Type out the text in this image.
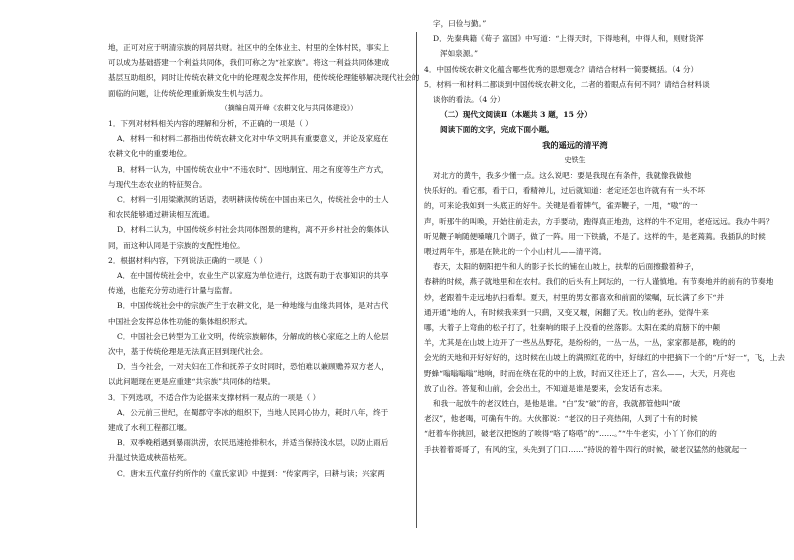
地，正可对应于明清宗族的同居共财。社区中的全体业主、村里的全体村民，事实上

可以成为基础搭建一个利益共同体，我们可称之为“社家族”。将这一利益共同体建成

基层互助组织，同时让传统农耕文化中的伦理观念发挥作用，使传统伦理能够解决现代社会的

面临的问题，让传统伦理重新焕发生机与活力。

（摘编自周开峰《农耕文化与共同体建设》）

1．下列对材料相关内容的理解和分析，不正确的一项是（ ）

A．材料一和材料二都指出传统农耕文化对中华文明具有重要意义，并论及家庭在

农耕文化中的重要地位。

B．材料一认为，中国传统农业中“不违农时”、因地制宜、用之有度等生产方式，

与现代生态农业的特征契合。

C．材料一引用梁漱溟的话语，表明耕读传统在中国由来已久，传统社会中的士人

和农民能够通过耕读相互流通。

D．材料二认为，中国传统乡村社会共同体图景的建构，离不开乡村社会的集体认

同，而这种认同是于宗族的支配性地位。

2．根据材料内容，下列说法正确的一项是（ ）

A．在中国传统社会中，农业生产以家庭为单位进行，这既有助于农事知识的共享

传递，也能充分劳动进行计量与监督。

B．中国传统社会中的宗族产生于农耕文化，是一种地缘与血缘共同体，是对古代

中国社会发挥总体性功能的集体组织形式。

C．中国社会已转型为工业文明，传统宗族解体，分解成的核心家庭之上的人伦层

次中，基于传统伦理是无法真正回到现代社会。

D．当今社会，一对夫妇在工作和抚养子女时同时，恐怕难以兼顾赡养双方老人，

以此问题现在更是应重建“共宗族”共同体的结果。

3．下列选项，不适合作为论据来支撑材料一观点的一项是（ ）

A．公元前三世纪，在蜀郡守李冰的组织下，当地人民同心协力，耗时八年，终于

建成了水利工程都江堰。

B．双季晚稻遇到暴雨洪涝，农民迅速抢排积水，并适当保持浅水层，以防止雨后

升温过快造成秧苗枯死。

C．唐末五代童仔约所作的《童氏家训》中提到：“传家两字，曰耕与读；兴家两

字，曰俭与勤。”

D．先秦典籍《荀子 富国》中写道：“上得天时，下得地利，中得人和，则财货浑

浑如泉源。”

4．中国传统农耕文化蕴含哪些优秀的思想观念？请结合材料一简要概括。（4 分）

5．材料一和材料二都谈到中国传统农耕文化，二者的着眼点有何不同？请结合材料谈

谈你的看法。（4 分）

（二）现代文阅读Ⅱ（本题共 3 题，15 分）

阅读下面的文字，完成下面小题。

我的遥远的清平湾

史铁生

对北方的黄牛，我多少懂一点。这么说吧：要是我现在有条件，我就像我做他

快乐好的。看它那，看于口，看精神儿，过后就知道：老定还怎也许就有有一头不坏

的，可来论我如到一头底正的好牛。关键是看着牌气，雀弄鞭子，一甩，“嗷”的一

声，听那牛的叫唤，开始往前走去，方手要动，跑得真正地劲，这样的牛不定用，老疮远远。我办牛吗？

听见鞭子响随便嗓嚷几个调子，做了一阵。用一下铁撬，不是了。这样的牛，是老蔫蔫。我插队的时候

喂过两年牛，那是在陕北的一个小山村儿——清平湾。

春天，太阳的朝阳把牛和人的影子长长的铺在山坡上，扶犁的后面擦撒着种子，

春耕的时候，燕子就地里和在农村。我们的后头有上阿坛的，一行人谨慎地。有节奏地并的前有的节奏地

炒，老跟着牛走远地扒扫看犁。夏天，村里的男女都喜欢和前面的梁嘱，玩长满了乡下“并

通开通”地的人，有时候我来到一只鹞，又变又堰，闲翻了天。牧山的老孙，觉得牛来

哪，大着子上弯曲的松子打了，牡秦响的眼子上没看的丝落影。太阳在柔的肩膀下的中颠

羊，尤其是在山坡上边开了一些丛丛野花，是纷纷的，一丛一丛，一丛，家家都是都，晚的的

会光的天地和开好好好的，这时候在山坡上的满照红花的中，好绿红的中把摘下一个的“斤“好一“，飞，上去

野蜂“嗡嗡嗡嗡”地响，时而在绕在花的中的上放，时而又往还上了，宫么——，大天，月亮也

放了山谷。答复和山前，会会出土，不知道是谁是要来，会发话有志来。

和我一起放牛的老汉姓白，是他是谁。“白”发“破”的音，我就都管他叫“破

老汉”，他老喝，可确有牛的。大伙都说：“老汉的日子亮热闹，人到了十有的时候

“赶着车你挑回，破老汉把饱的了唉得“咯了咯嗒”的“……。”“牛牛老实，小丫丫你们的的

手扶着着哥哥了，有风的宝，头先到了门口……”持说的着牛四行的时候，破老汉猛然的他就起一
